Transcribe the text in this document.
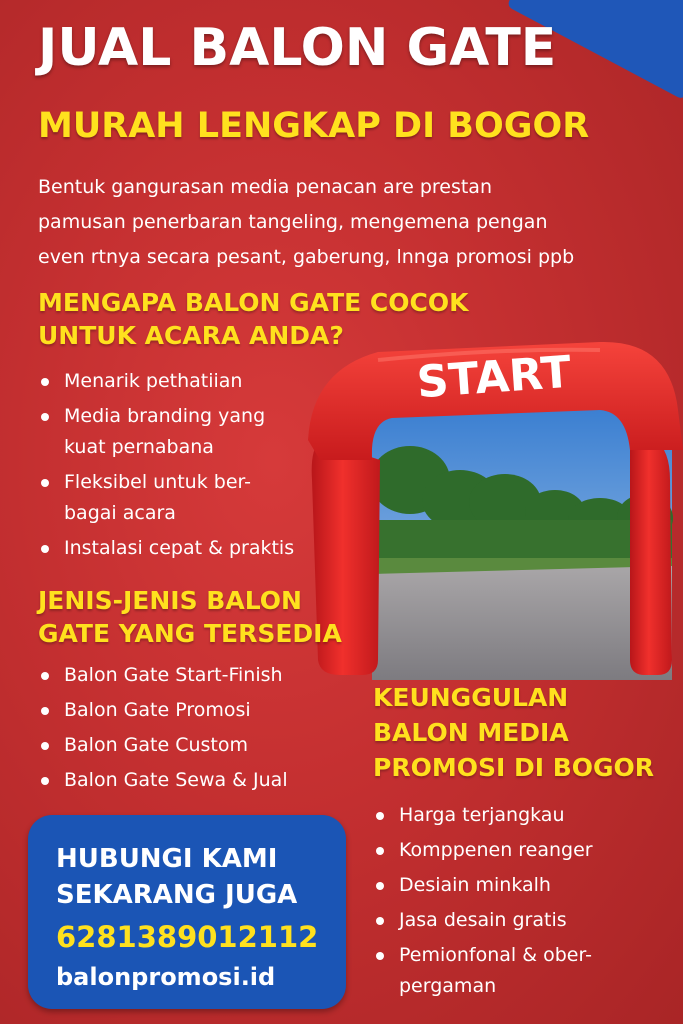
JUAL BALON GATE
MURAH LENGKAP DI BOGOR
Bentuk gangurasan media penacan are prestan
pamusan penerbaran tangeling, mengemena pengan
even rtnya secara pesant, gaberung, lnnga promosi ppb
START
MENGAPA BALON GATE COCOK
UNTUK ACARA ANDA?
Menarik pethatiian
Media branding yang
kuat pernabana
Fleksibel untuk ber-
bagai acara
Instalasi cepat & praktis
JENIS-JENIS BALON
GATE YANG TERSEDIA
Balon Gate Start-Finish
Balon Gate Promosi
Balon Gate Custom
Balon Gate Sewa & Jual
KEUNGGULAN
BALON MEDIA
PROMOSI DI BOGOR
Harga terjangkau
Komppenen reanger
Desiain minkalh
Jasa desain gratis
Pemionfonal & ober-
pergaman
HUBUNGI KAMI
SEKARANG JUGA
6281389012112
balonpromosi.id
